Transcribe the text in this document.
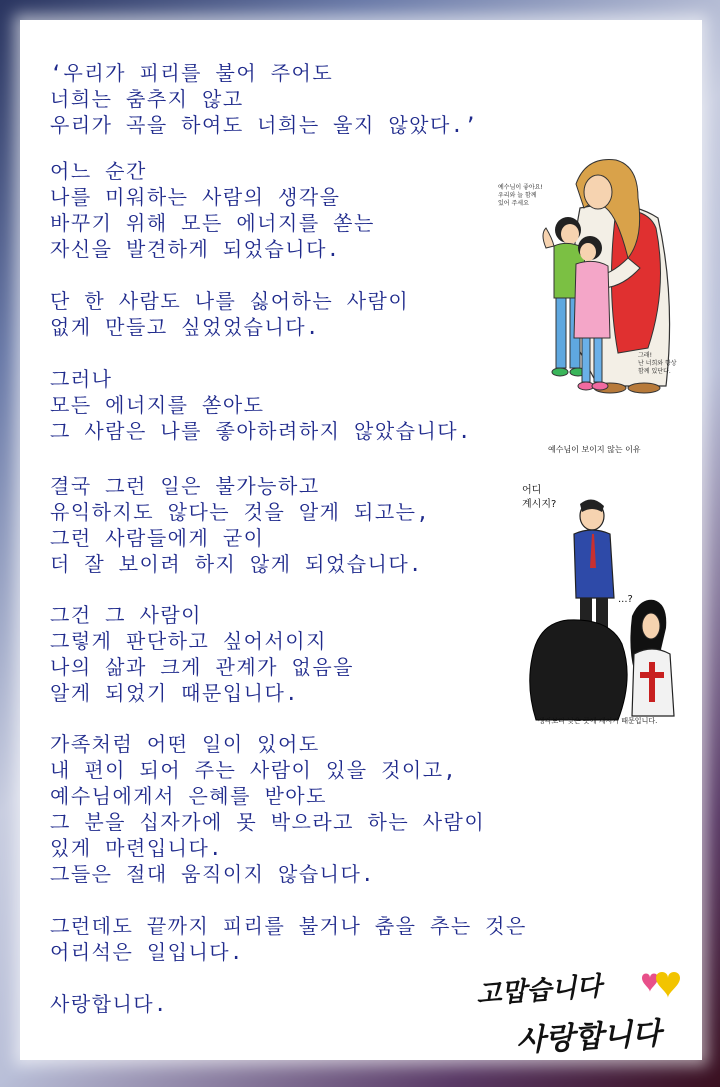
‘우리가 피리를 불어 주어도
너희는 춤추지 않고
우리가 곡을 하여도 너희는 울지 않았다.’

어느 순간
나를 미워하는 사람의 생각을
바꾸기 위해 모든 에너지를 쏟는
자신을 발견하게 되었습니다.

단 한 사람도 나를 싫어하는 사람이
없게 만들고 싶었었습니다.

그러나
모든 에너지를 쏟아도
그 사람은 나를 좋아하려하지 않았습니다.

결국 그런 일은 불가능하고
유익하지도 않다는 것을 알게 되고는,
그런 사람들에게 굳이
더 잘 보이려 하지 않게 되었습니다.

그건 그 사람이
그렇게 판단하고 싶어서이지
나의 삶과 크게 관계가 없음을
알게 되었기 때문입니다.

가족처럼 어떤 일이 있어도
내 편이 되어 주는 사람이 있을 것이고,
예수님에게서 은혜를 받아도
그 분을 십자가에 못 박으라고 하는 사람이
있게 마련입니다.
그들은 절대 움직이지 않습니다.

그런데도 끝까지 피리를 불거나 춤을 추는 것은
어리석은 일입니다.

사랑합니다.

예수님이 좋아요!
우리와 늘 함께
있어 주세요
그래!
난 너희와 항상
함께 있단다.
예수님이 보이지 않는 이유
어디
계시지?
...?
생각보다 낮은 곳에 계시기 때문입니다.
고맙습니다
사랑합니다
